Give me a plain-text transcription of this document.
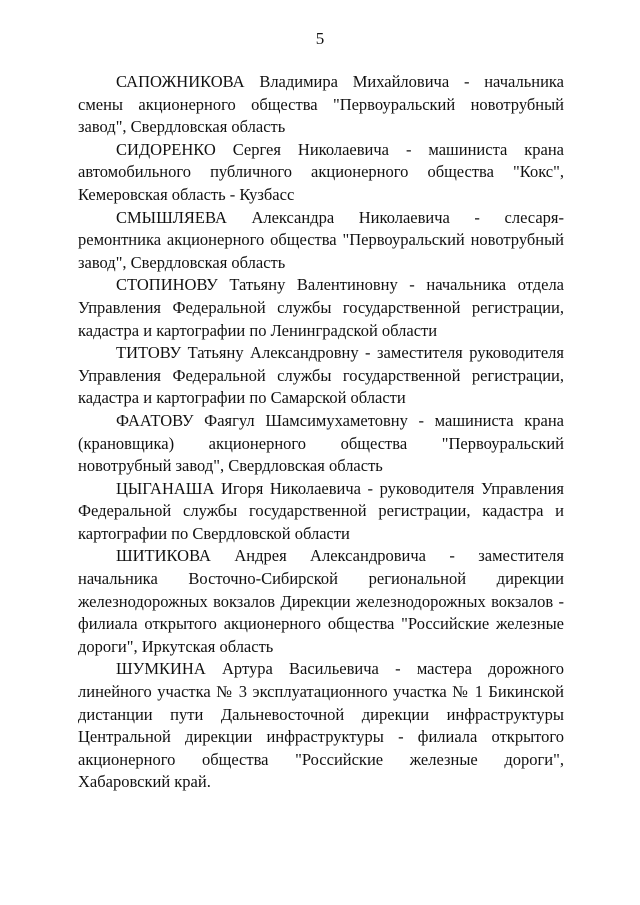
5

САПОЖНИКОВА Владимира Михайловича - начальника смены акционерного общества "Первоуральский новотрубный завод", Свердловская область

СИДОРЕНКО Сергея Николаевича - машиниста крана автомобильного публичного акционерного общества "Кокс", Кемеровская область - Кузбасс

СМЫШЛЯЕВА Александра Николаевича - слесаря-ремонтника акционерного общества "Первоуральский новотрубный завод", Свердловская область

СТОПИНОВУ Татьяну Валентиновну - начальника отдела Управления Федеральной службы государственной регистрации, кадастра и картографии по Ленинградской области

ТИТОВУ Татьяну Александровну - заместителя руководителя Управления Федеральной службы государственной регистрации, кадастра и картографии по Самарской области

ФААТОВУ Фаягул Шамсимухаметовну - машиниста крана (крановщика) акционерного общества "Первоуральский новотрубный завод", Свердловская область

ЦЫГАНАША Игоря Николаевича - руководителя Управления Федеральной службы государственной регистрации, кадастра и картографии по Свердловской области

ШИТИКОВА Андрея Александровича - заместителя начальника Восточно-Сибирской региональной дирекции железнодорожных вокзалов Дирекции железнодорожных вокзалов - филиала открытого акционерного общества "Российские железные дороги", Иркутская область

ШУМКИНА Артура Васильевича - мастера дорожного линейного участка № 3 эксплуатационного участка № 1 Бикинской дистанции пути Дальневосточной дирекции инфраструктуры Центральной дирекции инфраструктуры - филиала открытого акционерного общества "Российские железные дороги", Хабаровский край.
